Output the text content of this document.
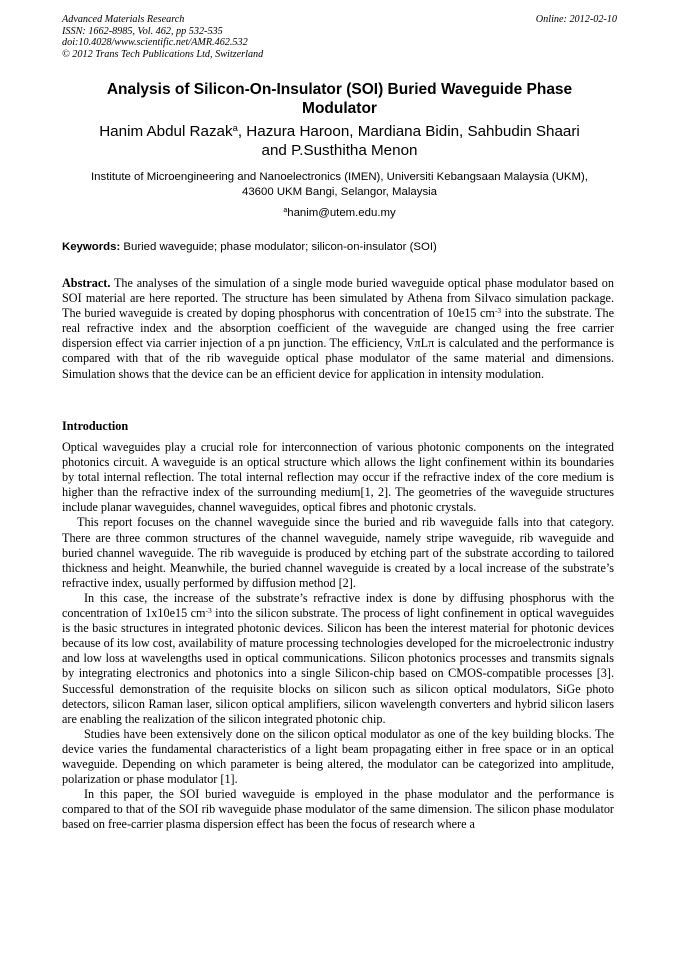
Advanced Materials Research
ISSN: 1662-8985, Vol. 462, pp 532-535
doi:10.4028/www.scientific.net/AMR.462.532
© 2012 Trans Tech Publications Ltd, Switzerland
Online: 2012-02-10
Analysis of Silicon-On-Insulator (SOI) Buried Waveguide Phase
Modulator
Hanim Abdul Razak$^a$, Hazura Haroon, Mardiana Bidin, Sahbudin Shaari
and P.Susthitha Menon
Institute of Microengineering and Nanoelectronics (IMEN), Universiti Kebangsaan Malaysia (UKM),
43600 UKM Bangi, Selangor, Malaysia
$^a$hanim@utem.edu.my
Keywords: Buried waveguide; phase modulator; silicon-on-insulator (SOI)
Abstract. The analyses of the simulation of a single mode buried waveguide optical phase modulator based on SOI material are here reported. The structure has been simulated by Athena from Silvaco simulation package. The buried waveguide is created by doping phosphorus with concentration of 10e15 $cm^{-3}$ into the substrate. The real refractive index and the absorption coefficient of the waveguide are changed using the free carrier dispersion effect via carrier injection of a pn junction. The efficiency, VπLπ is calculated and the performance is compared with that of the rib waveguide optical phase modulator of the same material and dimensions. Simulation shows that the device can be an efficient device for application in intensity modulation.
Introduction

Optical waveguides play a crucial role for interconnection of various photonic components on the integrated photonics circuit. A waveguide is an optical structure which allows the light confinement within its boundaries by total internal reflection. The total internal reflection may occur if the refractive index of the core medium is higher than the refractive index of the surrounding medium[1, 2]. The geometries of the waveguide structures include planar waveguides, channel waveguides, optical fibres and photonic crystals.

This report focuses on the channel waveguide since the buried and rib waveguide falls into that category. There are three common structures of the channel waveguide, namely stripe waveguide, rib waveguide and buried channel waveguide. The rib waveguide is produced by etching part of the substrate according to tailored thickness and height. Meanwhile, the buried channel waveguide is created by a local increase of the substrate’s refractive index, usually performed by diffusion method [2].

In this case, the increase of the substrate’s refractive index is done by diffusing phosphorus with the concentration of 1x10e15 $cm^{-3}$ into the silicon substrate. The process of light confinement in optical waveguides is the basic structures in integrated photonic devices. Silicon has been the interest material for photonic devices because of its low cost, availability of mature processing technologies developed for the microelectronic industry and low loss at wavelengths used in optical communications. Silicon photonics processes and transmits signals by integrating electronics and photonics into a single Silicon-chip based on CMOS-compatible processes [3]. Successful demonstration of the requisite blocks on silicon such as silicon optical modulators, SiGe photo detectors, silicon Raman laser, silicon optical amplifiers, silicon wavelength converters and hybrid silicon lasers are enabling the realization of the silicon integrated photonic chip.

Studies have been extensively done on the silicon optical modulator as one of the key building blocks. The device varies the fundamental characteristics of a light beam propagating either in free space or in an optical waveguide. Depending on which parameter is being altered, the modulator can be categorized into amplitude, polarization or phase modulator [1].

In this paper, the SOI buried waveguide is employed in the phase modulator and the performance is compared to that of the SOI rib waveguide phase modulator of the same dimension. The silicon phase modulator based on free-carrier plasma dispersion effect has been the focus of research where a
